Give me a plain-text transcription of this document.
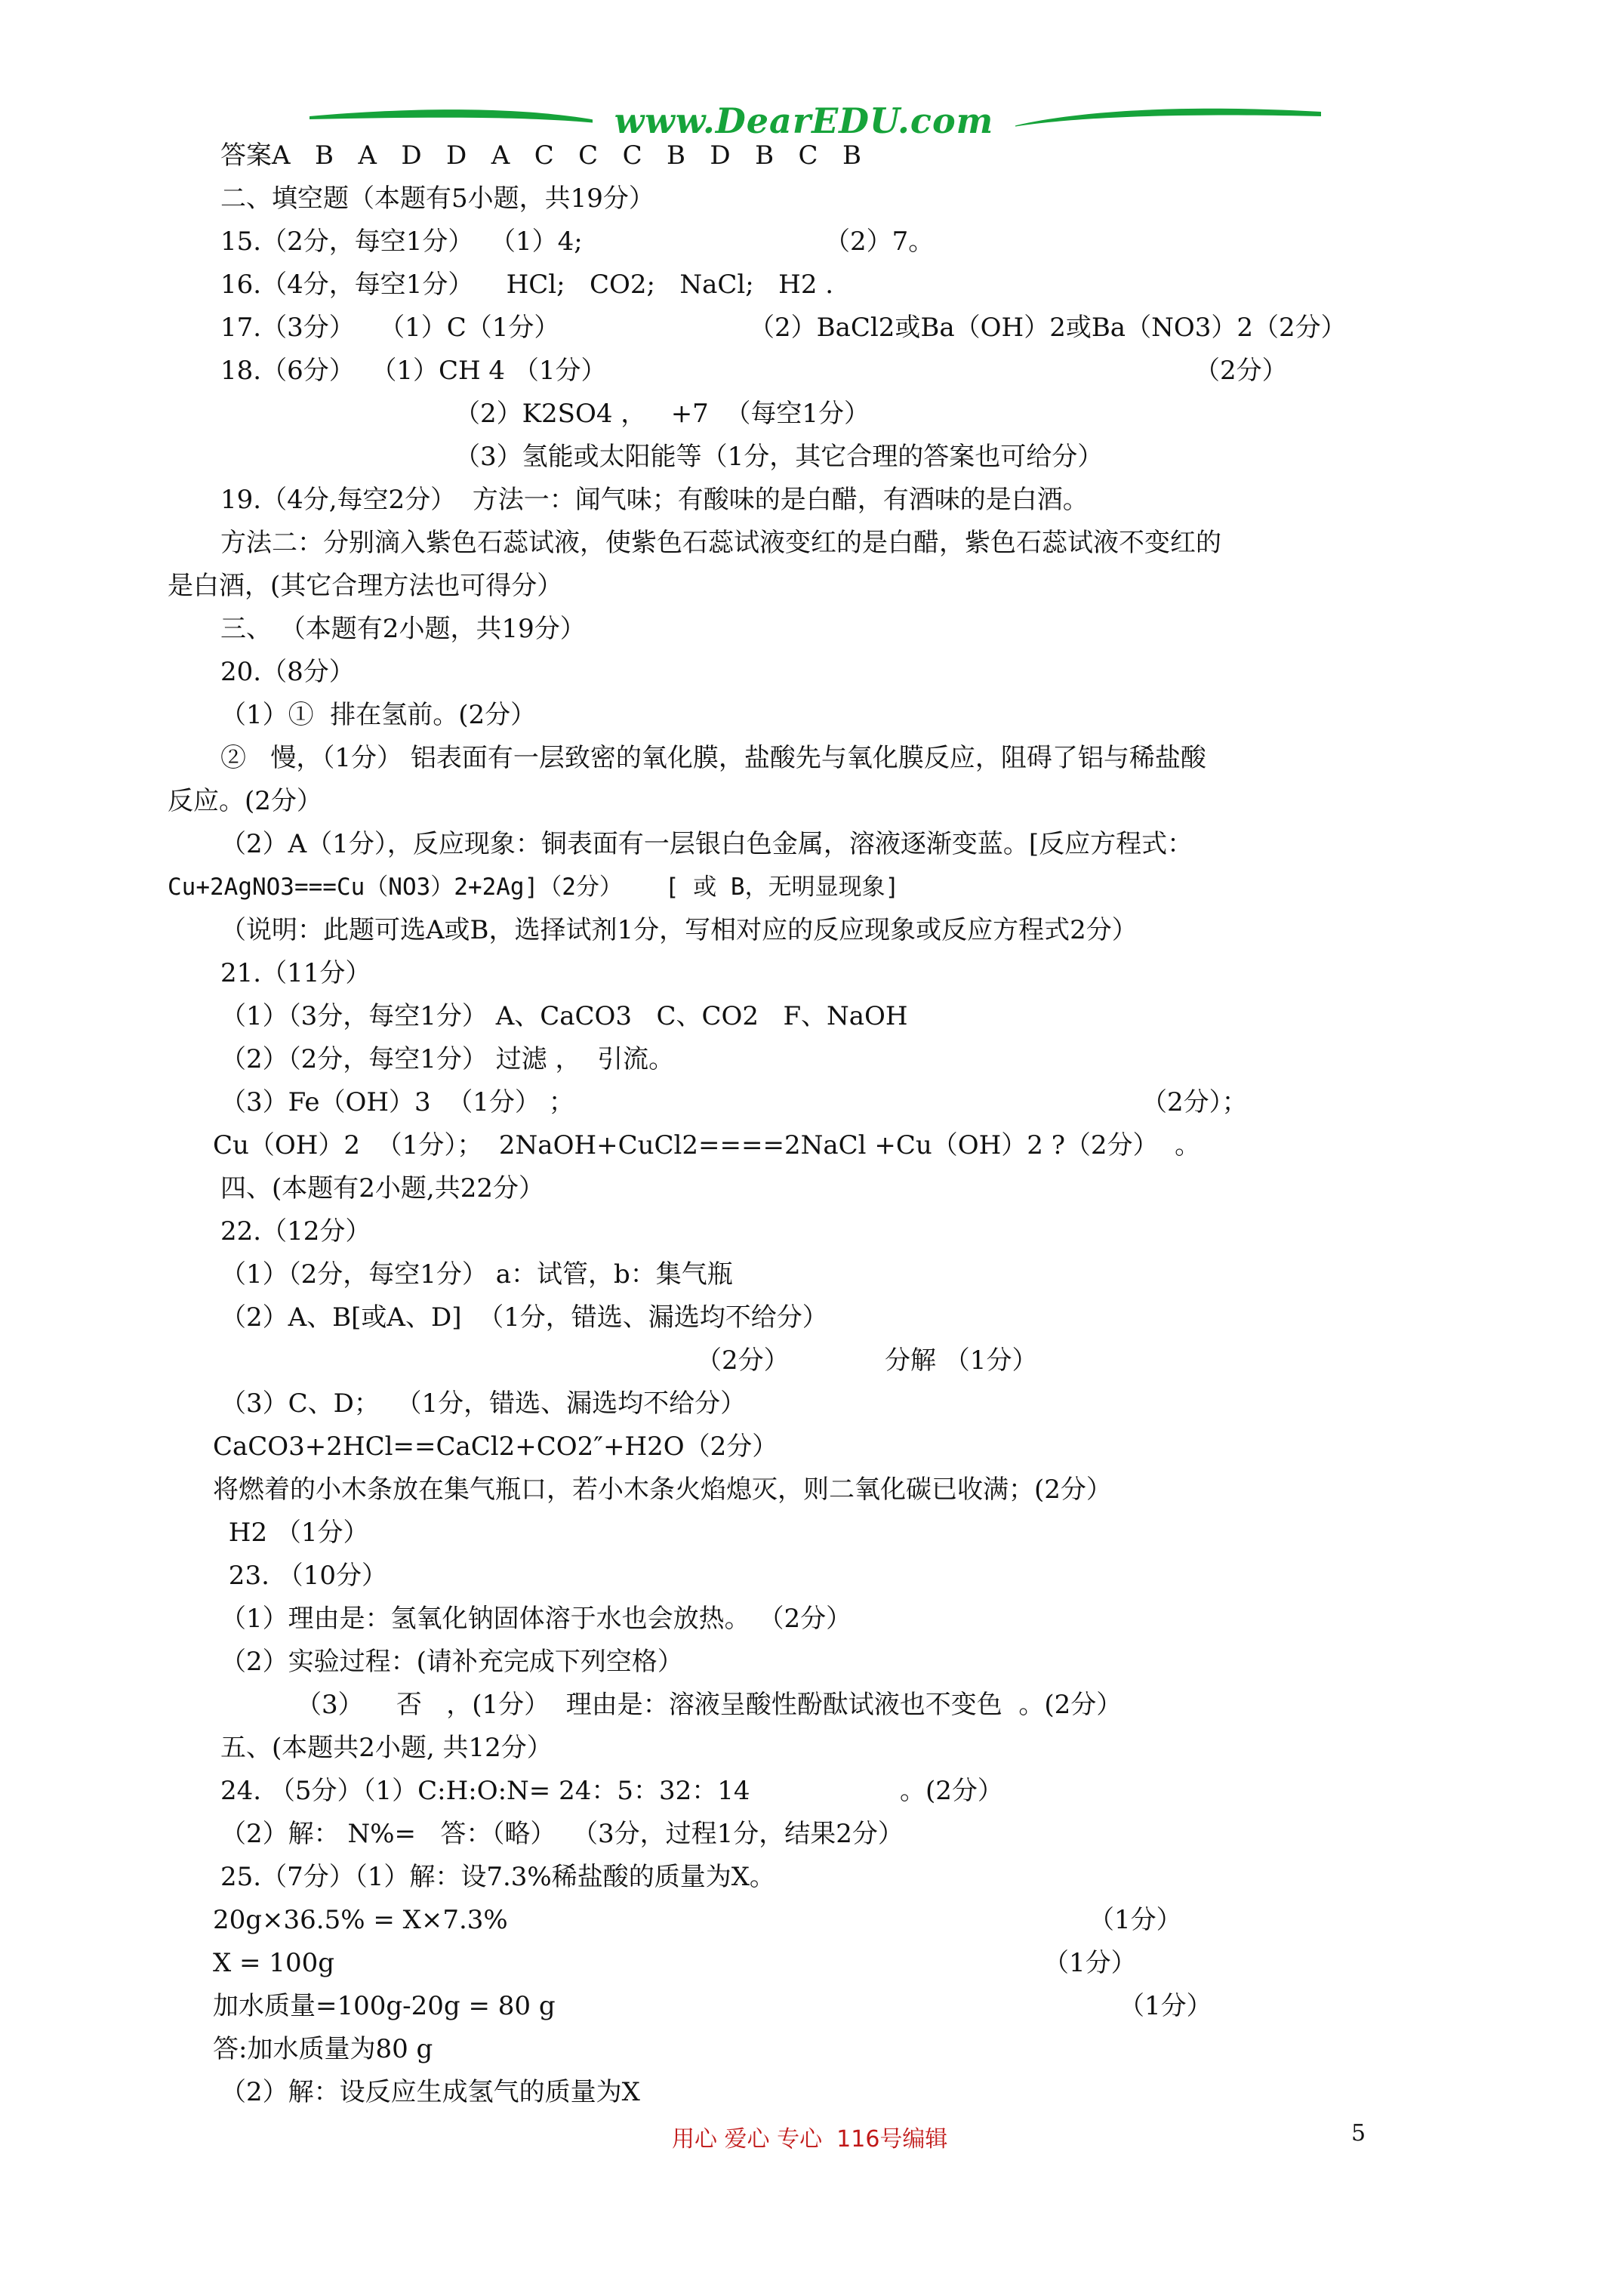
www.DearEDU.com
答案A   B   A   D   D   A   C   C   C   B   D   B   C   B
二、填空题（本题有5小题，共19分）

15.（2分，每空1分）  （1）4;

	（2）7。

16.（4分，每空1分）    HCl;   CO2;   NaCl;   H2 .

17.（3分）   （1）C（1分）

	（2）BaCl2或Ba（OH）2或Ba（NO3）2（2分）

18.（6分）  （1）CH 4 （1分）

	（2分）

（2）K2SO4 ，   +7  （每空1分）
（3）氢能或太阳能等（1分，其它合理的答案也可给分）
19.（4分,每空2分）  方法一：闻气味；有酸味的是白醋，有酒味的是白酒。
方法二：分别滴入紫色石蕊试液，使紫色石蕊试液变红的是白醋，紫色石蕊试液不变红的
是白酒，(其它合理方法也可得分）
三、 （本题有2小题，共19分）
20.（8分）
（1）①  排在氢前。(2分）
②   慢，（1分） 铝表面有一层致密的氧化膜，盐酸先与氧化膜反应，阻碍了铝与稀盐酸
反应。(2分）
（2）A（1分），反应现象：铜表面有一层银白色金属，溶液逐渐变蓝。[反应方程式：
Cu+2AgNO3===Cu（NO3）2+2Ag]（2分）   [ 或 B，无明显现象]
（说明：此题可选A或B，选择试剂1分，写相对应的反应现象或反应方程式2分）
21.（11分）
（1）（3分，每空1分） A、CaCO3   C、CO2   F、NaOH
（2）（2分，每空1分） 过滤 ，  引流。

（3）Fe（OH）3  （1分） ；

	（2分）；

Cu（OH）2  （1分）；  2NaOH+CuCl2====2NaCl +Cu（OH）2 ?（2分）  。
四、(本题有2小题,共22分）
22.（12分）
（1）（2分，每空1分） a：试管，b：集气瓶
（2）A、B[或A、D]  （1分，错选、漏选均不给分）

（2分）

	分解 （1分）

（3）C、D；  （1分，错选、漏选均不给分）
CaCO3+2HCl==CaCl2+CO2″+H2O（2分）
将燃着的小木条放在集气瓶口，若小木条火焰熄灭，则二氧化碳已收满；(2分）
H2 （1分）
23. （10分）
（1）理由是：氢氧化钠固体溶于水也会放热。 （2分）
（2）实验过程：(请补充完成下列空格）
（3）    否   ，(1分）  理由是：溶液呈酸性酚酞试液也不变色  。(2分）
五、(本题共2小题, 共12分）

24. （5分）（1）C:H:O:N= 24：5：32：14

	。(2分）

（2）解： N%=   答：（略）  （3分，过程1分，结果2分）
25.（7分）（1）解：设7.3%稀盐酸的质量为X。

20g×36.5% = X×7.3%

	（1分）

X = 100g

	（1分）

加水质量=100g-20g = 80 g

	（1分）

答:加水质量为80 g
（2）解：设反应生成氢气的质量为X
用心 爱心 专心  116号编辑	5
